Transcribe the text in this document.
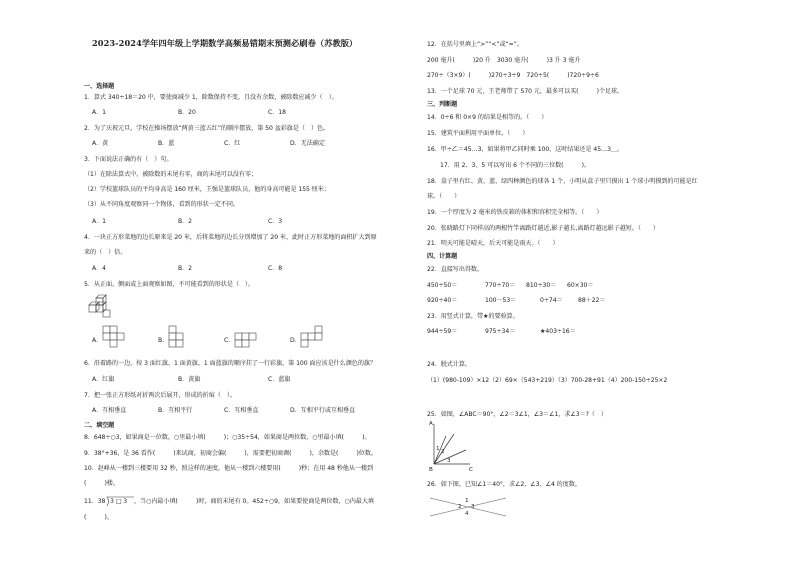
2023-2024学年四年级上学期数学高频易错期末预测必刷卷（苏教版）
一、选择题
1．算式 340÷18＝20 中，要使商减少 1，除数保持不变，且没有余数，被除数应减少（　）。
A．1	B．20	C．18
2．为了庆祝元旦，学校在操场摆放“两黄三蓝五红”的顺序摆放，第 50 盆彩旗是（　）色。
A．黄	B．蓝	C．红	D．无法确定
3．下面说法正确的有（　）句。
（1）在除法算式中，被除数的末尾有零，商的末尾可以没有零；
（2）学校篮球队员的平均身高是 160 厘米，王强是篮球队员，他的身高可能是 155 厘米；
（3）从不同角度观察同一个物体，看到的形状一定不同。
A．1	B．2	C．3
4．一块正方形菜地的边长原来是 20 米，后将菜地的边长分别增加了 20 米，此时正方形菜地的面积扩大到原
来的（　）倍。
A．4	B．2	C．8
5．从正面、侧面或上面观察如图，不可能看到的形状是（　）。
A．	B．	C．	D．
6．沿着路的一边，按 3 面红旗、1 面黄旗、1 面蓝旗的顺序挂了一行彩旗，第 100 面应该是什么颜色的旗？
A．红旗	B．黄旗	C．蓝旗
7．把一张正方形纸对折两次后展开，形成的折痕（　）。
A．互相垂直	B．互相平行	C．互相垂直	D．互相平行或互相垂直
二、填空题
8．648÷○3，如果商是一位数，○里最小填(　　　)；○35÷54，如果商是两位数，○里最小填(　　　)。
9．38°+36，是 36 看作(　　　)来试商，初商会偏(　　　)，需要把初商调(　　　)，余数是(　　　)位数。
10．赵峰从一楼到三楼要用 32 秒，照这样的速度，他从一楼到六楼要用(　　　)秒；在用 48 秒他从一楼到
(　　　)楼。
11．38 3 □ 3 ，当○内最小填(　　　)时，商的末尾有 0。452÷○9，如果要使商是两位数，○内最大填
(　　　)。
12．在括号里填上“>”“<”或“=”。
200 毫升(　　　)20 升　3030 毫升(　　　)3 升 3 毫升
270÷（3×9）(　　　)270÷3÷9　720÷5(　　　)720÷9÷6
13．一个足球 70 元，王老师带了 570 元，最多可以买(　　　)个足球。
三、判断题
14．0÷6 和 0×9 的结果是相等的。（　　）
15．建筑平面利用平面单位。（　　）
16．甲÷乙＝45…3，如果将甲乙同时乘 100，这时结果还是 45…3＿。
17．用 2、3、5 可以写出 6 个不同的三位数(　　　)。
18．盒子里有红、黄、蓝、绿四种颜色的球各 1 个，小明从盒子里只摸出 1 个球小明摸到的可能是红
球。（　　）
19．一个厚度为 2 毫米的铁皮箱的体积和容积完全相等。（　　）
20．张晓路灯下同样高的两根竹竿离路灯越近,影子越长,离路灯越远影子越短。（　　）
21．明天可能是晴天，后天可能是雨天。（　　）
四、计算题
22．直接写出得数。
450÷50＝	770÷70＝ 810÷30＝ 60×30＝
920÷40＝	100－53＝	0÷74＝	88＋22＝
23．用竖式计算，带★的要验算。
944÷59＝	975÷34＝	★403÷16＝
24．脱式计算。
（1）(980-109）×12（2）69×（543+219）（3）700-28+91（4）200-150÷25×2
25．如图，∠ABC＝90°，∠2＝3∠1，∠3＝∠1，求∠3＝?（　）
A
1 2
3
B	C
26．如下图，已知∠1＝40°，求∠2、∠3、∠4 的度数。
1
2 3
4
